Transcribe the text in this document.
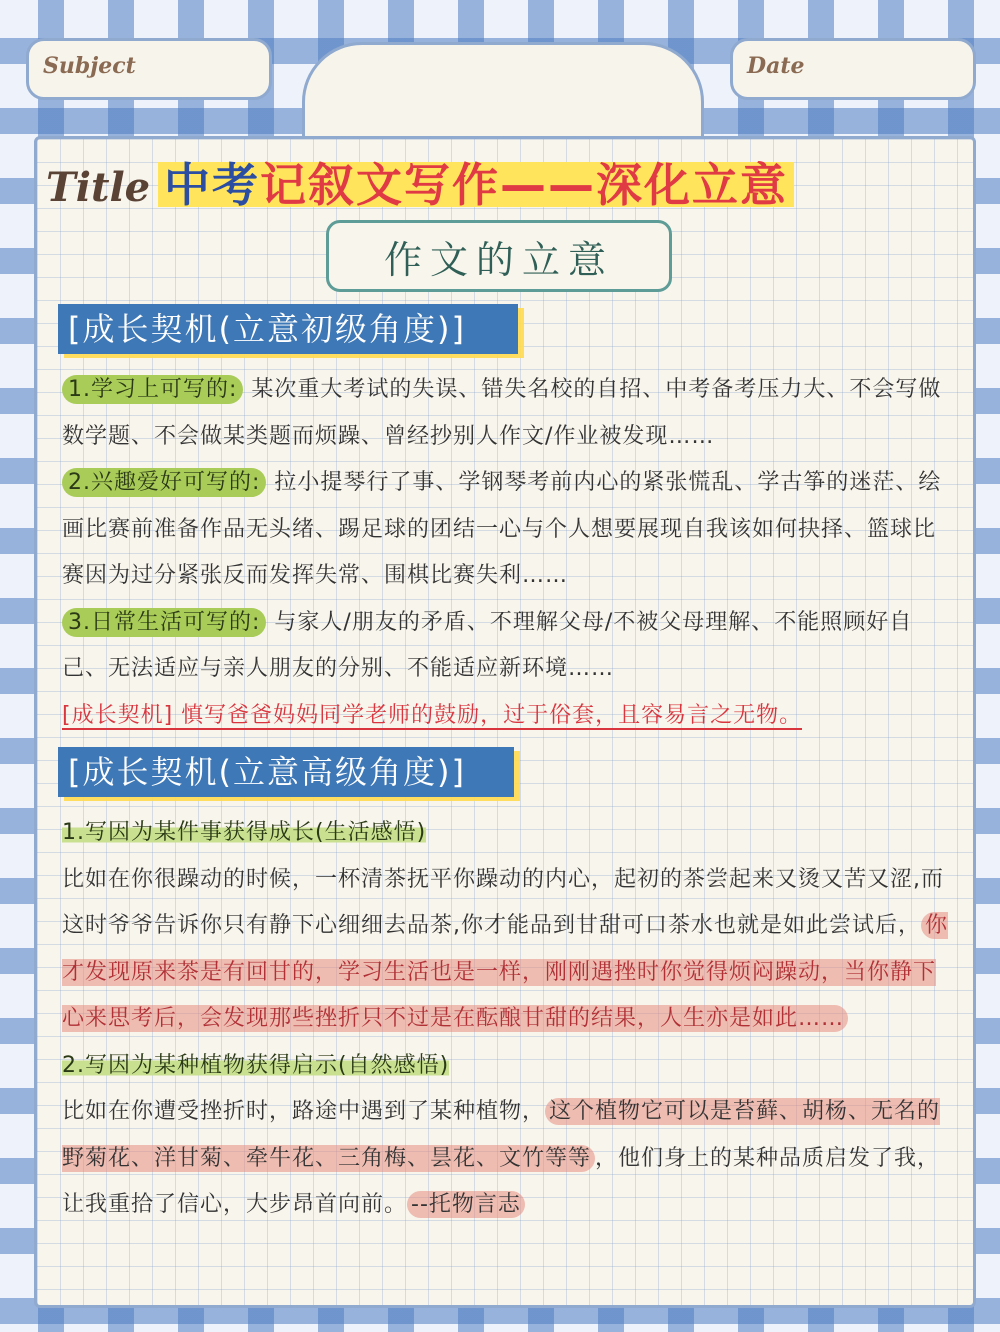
Subject	Date
Title 中考记叙文写作——深化立意
作文的立意
[成长契机(立意初级角度)]

1.学习上可写的: 某次重大考试的失误、错失名校的自招、中考备考压力大、不会写做数学题、不会做某类题而烦躁、曾经抄别人作文/作业被发现……

2.兴趣爱好可写的: 拉小提琴行了事、学钢琴考前内心的紧张慌乱、学古筝的迷茫、绘画比赛前准备作品无头绪、踢足球的团结一心与个人想要展现自我该如何抉择、篮球比赛因为过分紧张反而发挥失常、围棋比赛失利……

3.日常生活可写的: 与家人/朋友的矛盾、不理解父母/不被父母理解、不能照顾好自己、无法适应与亲人朋友的分别、不能适应新环境……

[成长契机] 慎写爸爸妈妈同学老师的鼓励，过于俗套，且容易言之无物。

[成长契机(立意高级角度)]

1.写因为某件事获得成长(生活感悟)

比如在你很躁动的时候，一杯清茶抚平你躁动的内心，起初的茶尝起来又烫又苦又涩,而这时爷爷告诉你只有静下心细细去品茶,你才能品到甘甜可口茶水也就是如此尝试后， 你才发现原来茶是有回甘的，学习生活也是一样，刚刚遇挫时你觉得烦闷躁动，当你静下心来思考后，会发现那些挫折只不过是在酝酿甘甜的结果，人生亦是如此……

2.写因为某种植物获得启示(自然感悟)

比如在你遭受挫折时，路途中遇到了某种植物， 这个植物它可以是苔藓、胡杨、无名的野菊花、洋甘菊、牵牛花、三角梅、昙花、文竹等等 ，他们身上的某种品质启发了我，让我重拾了信心，大步昂首向前。 --托物言志
